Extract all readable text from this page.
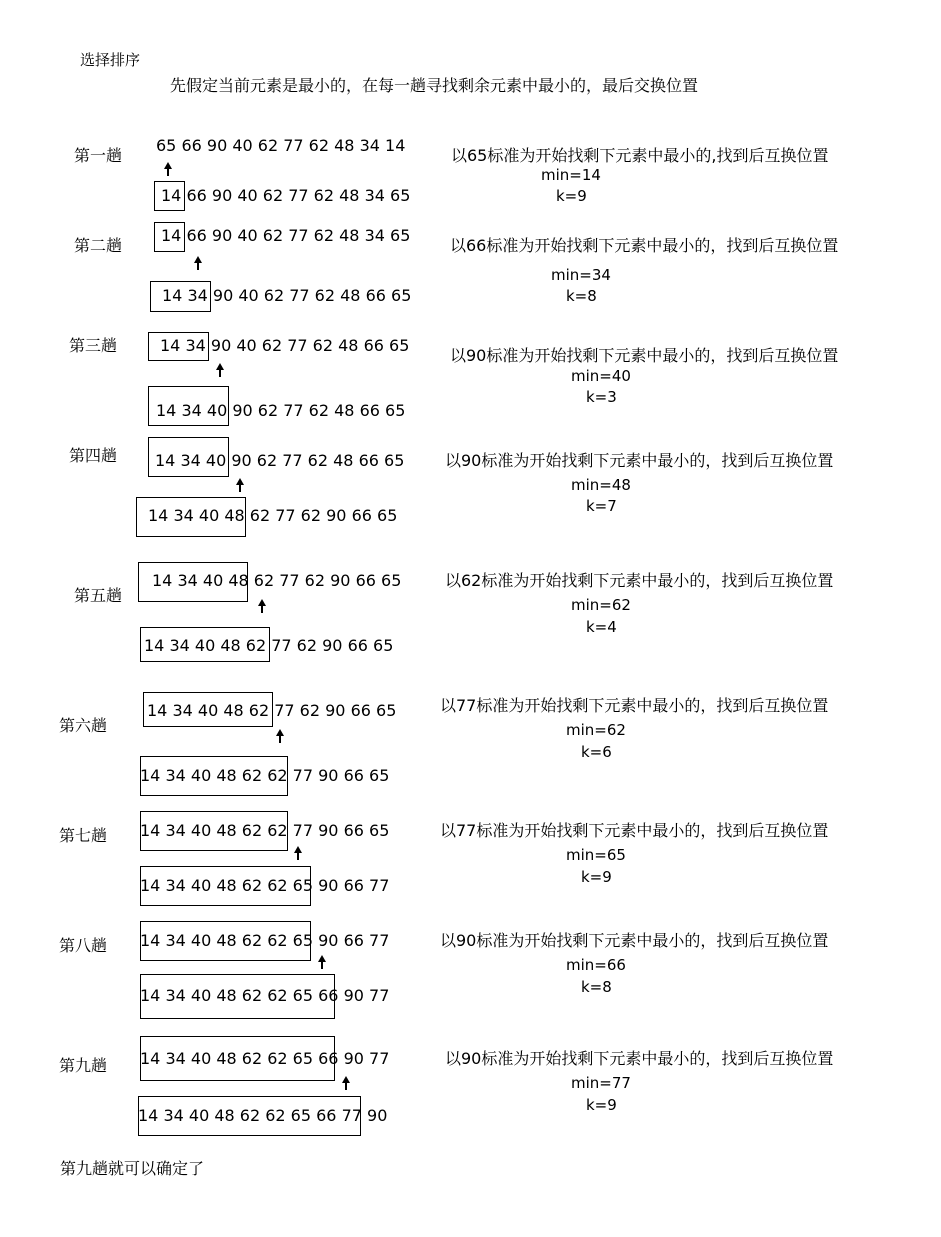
选择排序
先假定当前元素是最小的，在每一趟寻找剩余元素中最小的，最后交换位置
第一趟
65 66 90 40 62 77 62 48 34 14
14 66 90 40 62 77 62 48 34 65
以65标准为开始找剩下元素中最小的,找到后互换位置
min=14
k=9
第二趟
14 66 90 40 62 77 62 48 34 65
14 34 90 40 62 77 62 48 66 65
以66标准为开始找剩下元素中最小的，找到后互换位置
min=34
k=8
第三趟	14 34 90 40 62 77 62 48 66 65
14 34 40 90 62 77 62 48 66 65
以90标准为开始找剩下元素中最小的，找到后互换位置
min=40
k=3
第四趟 14 34 40 90 62 77 62 48 66 65
14 34 40 48 62 77 62 90 66 65
以90标准为开始找剩下元素中最小的，找到后互换位置
min=48
k=7
第五趟
14 34 40 48 62 77 62 90 66 65
14 34 40 48 62 77 62 90 66 65
以62标准为开始找剩下元素中最小的，找到后互换位置
min=62
k=4
第六趟
14 34 40 48 62 77 62 90 66 65
14 34 40 48 62 62 77 90 66 65
以77标准为开始找剩下元素中最小的，找到后互换位置
min=62
k=6
第七趟 14 34 40 48 62 62 77 90 66 65
14 34 40 48 62 62 65 90 66 77
以77标准为开始找剩下元素中最小的，找到后互换位置
min=65
k=9
第八趟 14 34 40 48 62 62 65 90 66 77
14 34 40 48 62 62 65 66 90 77
以90标准为开始找剩下元素中最小的，找到后互换位置
min=66
k=8
第九趟 14 34 40 48 62 62 65 66 90 77
14 34 40 48 62 62 65 66 77 90
以90标准为开始找剩下元素中最小的，找到后互换位置
min=77
k=9
第九趟就可以确定了
